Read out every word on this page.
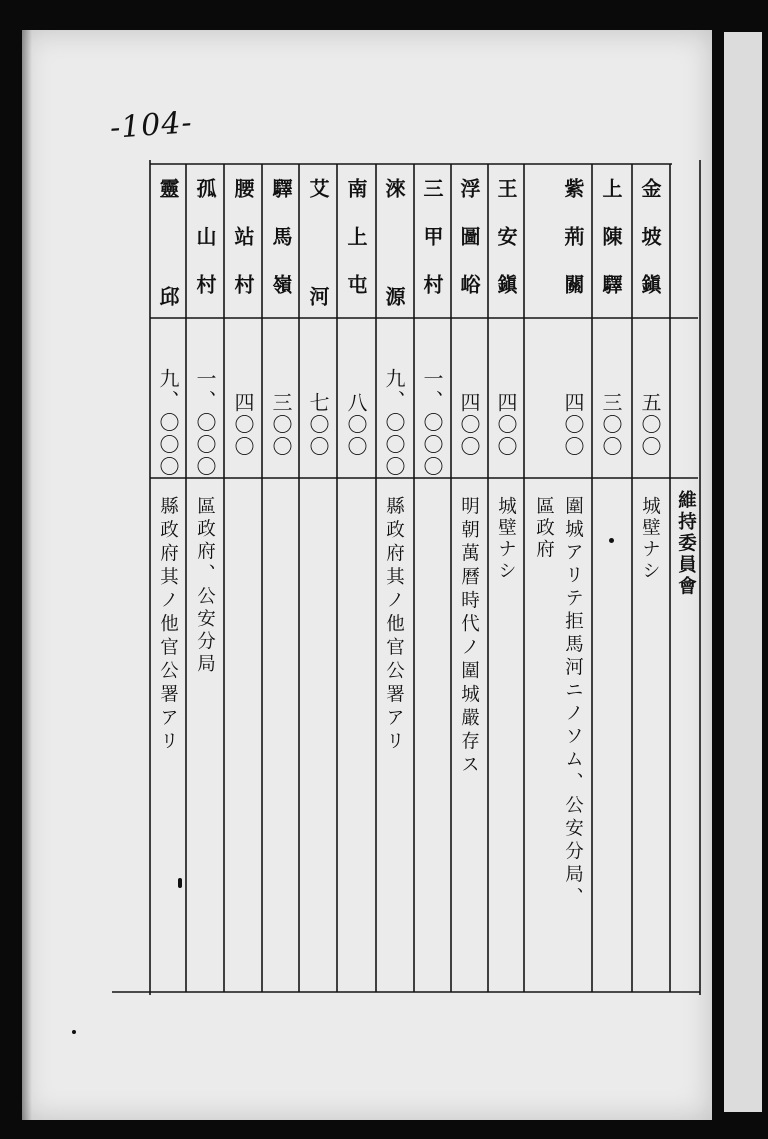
-104-
維持委員會
金坡鎭
五〇〇
城壁ナシ
上陳驛
三〇〇
紫荊關
四〇〇
圍城アリテ拒馬河ニノソム、公安分局、
區政府
王安鎭
四〇〇
城壁ナシ
浮圖峪
四〇〇
明朝萬曆時代ノ圍城嚴存ス
三甲村
一、〇〇〇
淶源
九、〇〇〇
縣政府其ノ他官公署アリ
南上屯
八〇〇
艾河
七〇〇
驛馬嶺
三〇〇
腰站村
四〇〇
孤山村
一、〇〇〇
區政府、公安分局
靈邱
九、〇〇〇
縣政府其ノ他官公署アリ
